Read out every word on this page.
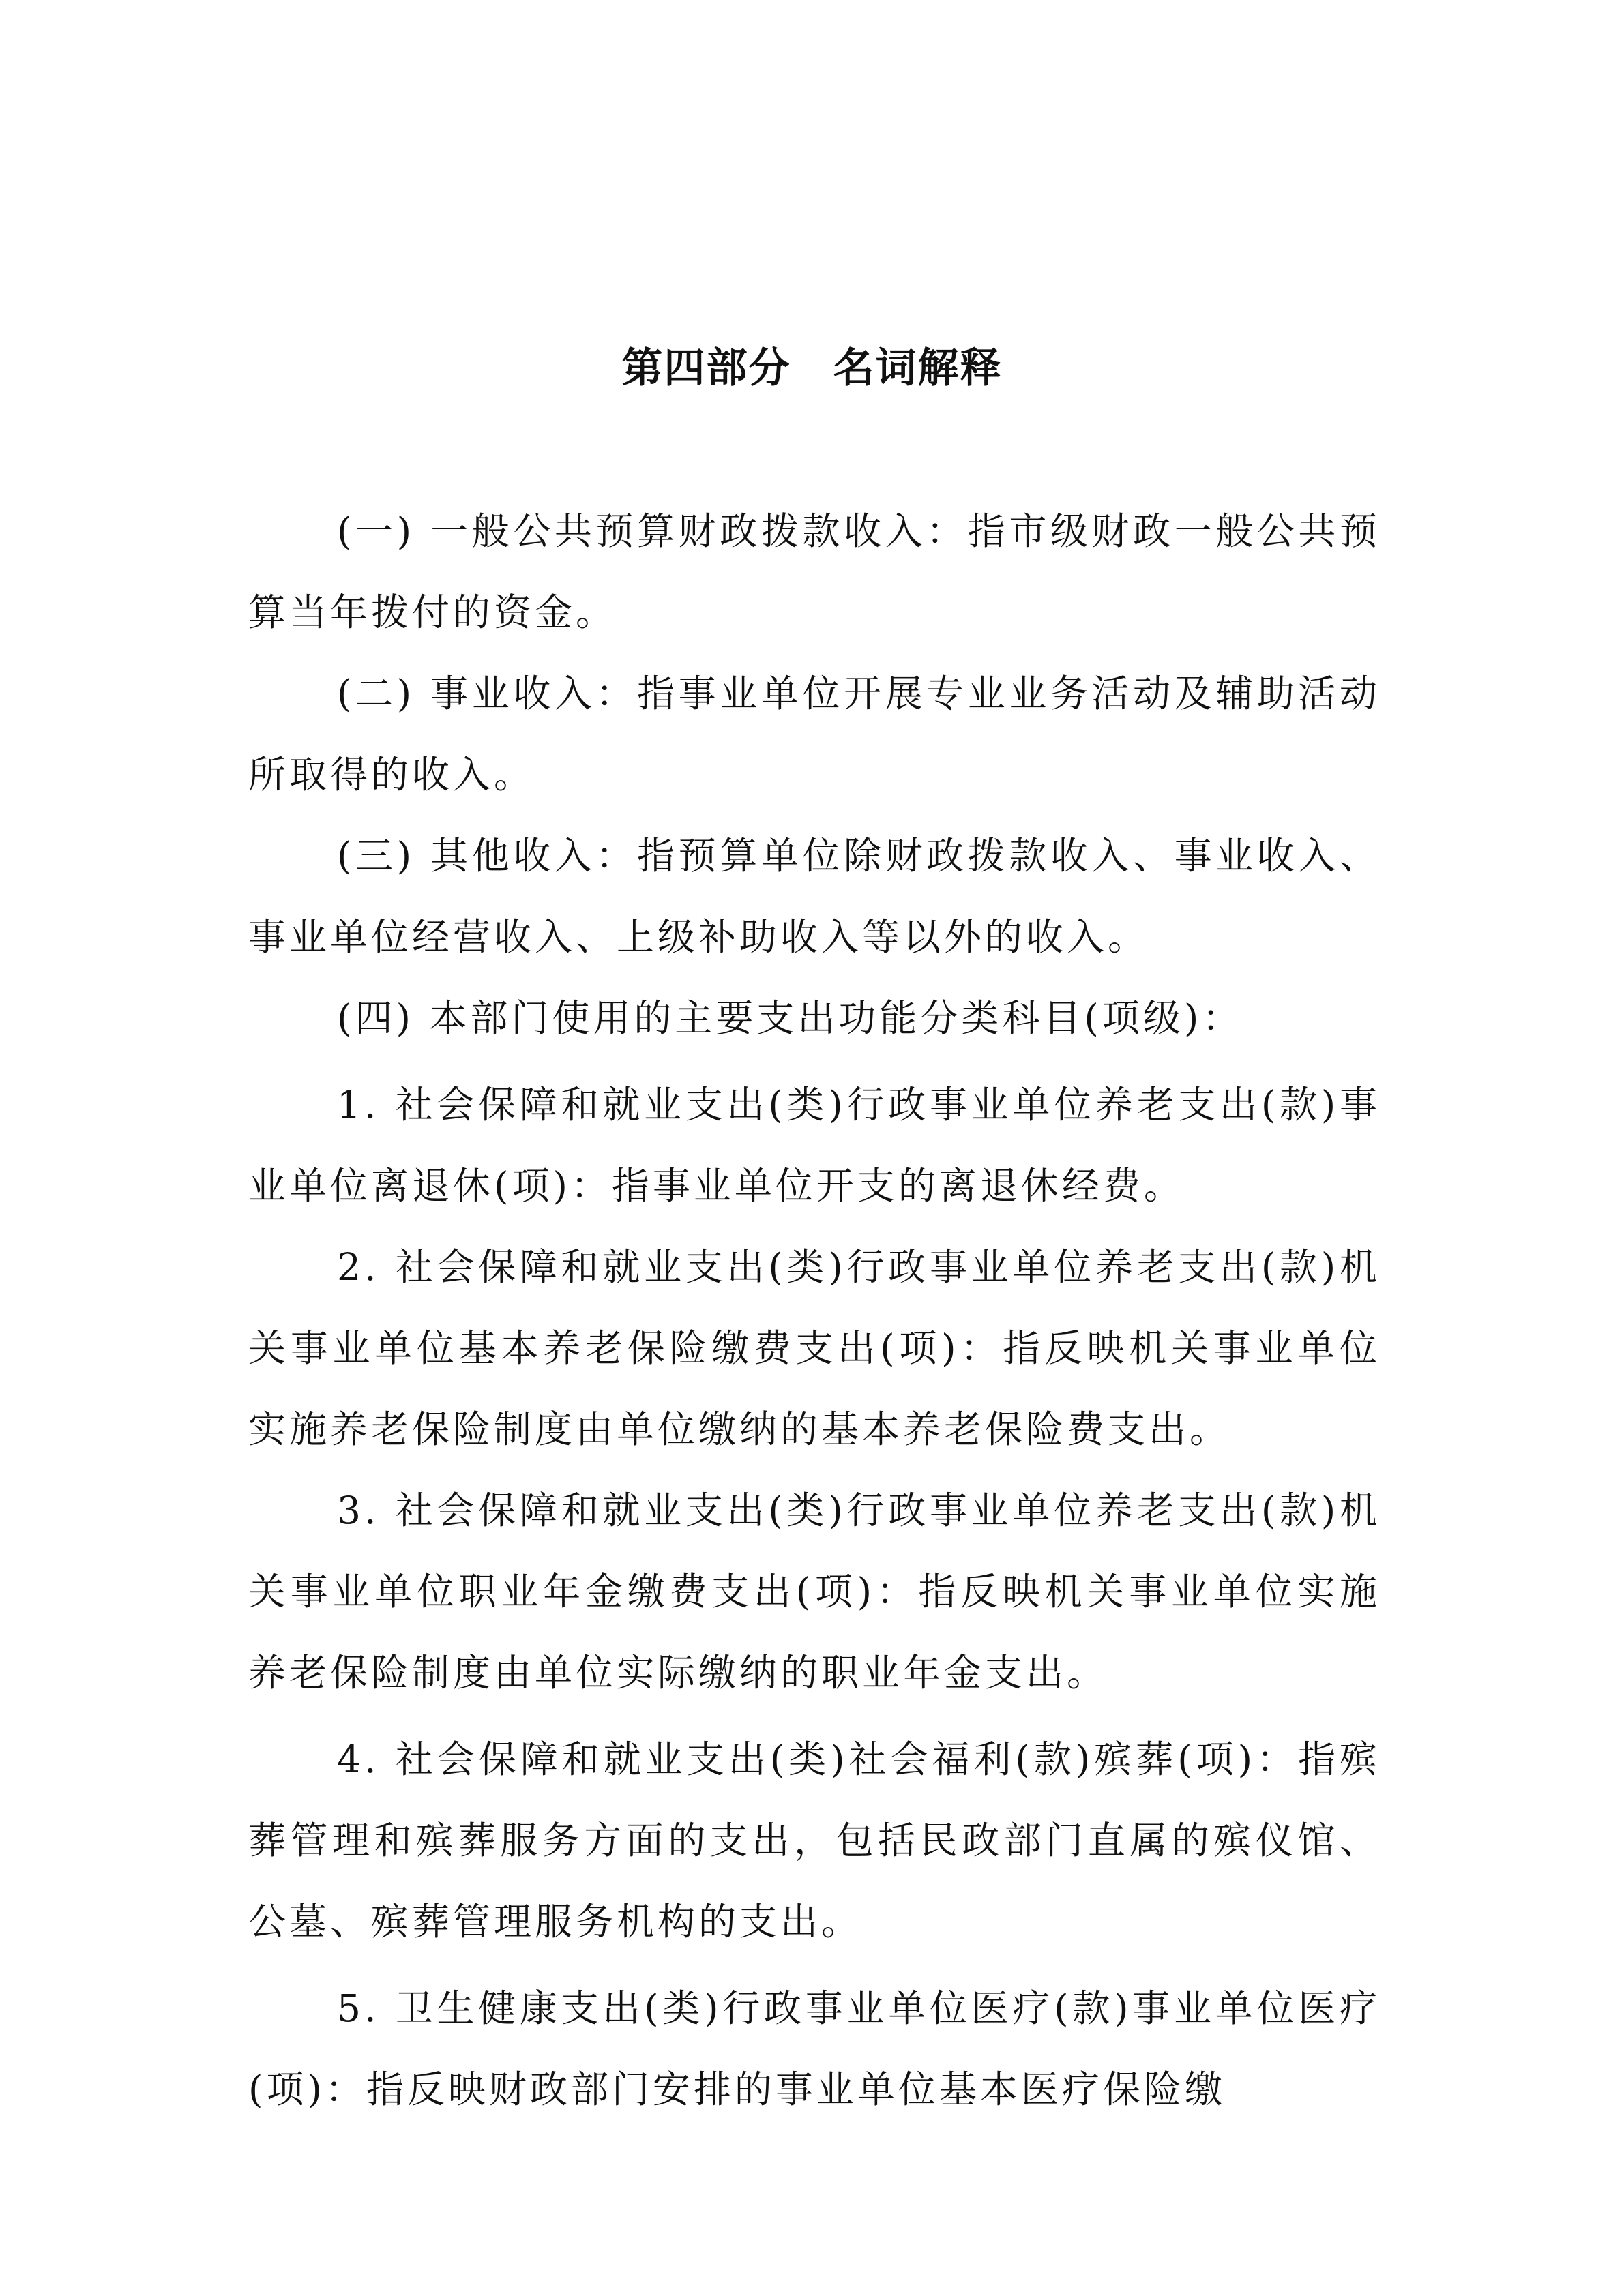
第四部分　名词解释

(一) 一般公共预算财政拨款收入：指市级财政一般公共预算当年拨付的资金。

(二) 事业收入：指事业单位开展专业业务活动及辅助活动所取得的收入。

(三) 其他收入：指预算单位除财政拨款收入、事业收入、事业单位经营收入、上级补助收入等以外的收入。

(四) 本部门使用的主要支出功能分类科目(项级)：

1. 社会保障和就业支出(类)行政事业单位养老支出(款)事业单位离退休(项)：指事业单位开支的离退休经费。

2. 社会保障和就业支出(类)行政事业单位养老支出(款)机关事业单位基本养老保险缴费支出(项)：指反映机关事业单位实施养老保险制度由单位缴纳的基本养老保险费支出。

3. 社会保障和就业支出(类)行政事业单位养老支出(款)机关事业单位职业年金缴费支出(项)：指反映机关事业单位实施养老保险制度由单位实际缴纳的职业年金支出。

4. 社会保障和就业支出(类)社会福利(款)殡葬(项)：指殡葬管理和殡葬服务方面的支出，包括民政部门直属的殡仪馆、公墓、殡葬管理服务机构的支出。

5. 卫生健康支出(类)行政事业单位医疗(款)事业单位医疗(项)：指反映财政部门安排的事业单位基本医疗保险缴
